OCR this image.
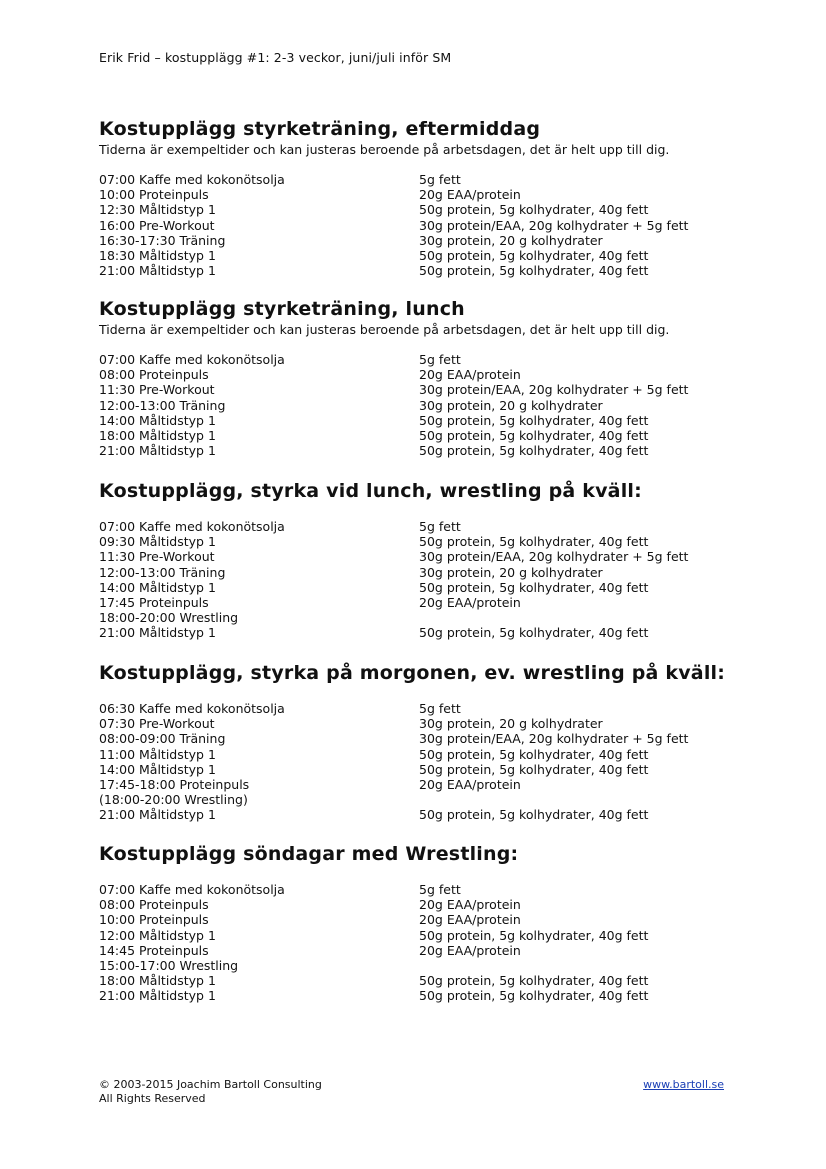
Erik Frid – kostupplägg #1: 2-3 veckor, juni/juli inför SM
Kostupplägg styrketräning, eftermiddag

Tiderna är exempeltider och kan justeras beroende på arbetsdagen, det är helt upp till dig.

07:00 Kaffe med kokonötsolja	5g fett
10:00 Proteinpuls	20g EAA/protein
12:30 Måltidstyp 1	50g protein, 5g kolhydrater, 40g fett
16:00 Pre-Workout	30g protein/EAA, 20g kolhydrater + 5g fett
16:30-17:30 Träning	30g protein, 20 g kolhydrater
18:30 Måltidstyp 1	50g protein, 5g kolhydrater, 40g fett
21:00 Måltidstyp 1	50g protein, 5g kolhydrater, 40g fett
Kostupplägg styrketräning, lunch

Tiderna är exempeltider och kan justeras beroende på arbetsdagen, det är helt upp till dig.

07:00 Kaffe med kokonötsolja	5g fett
08:00 Proteinpuls	20g EAA/protein
11:30 Pre-Workout	30g protein/EAA, 20g kolhydrater + 5g fett
12:00-13:00 Träning	30g protein, 20 g kolhydrater
14:00 Måltidstyp 1	50g protein, 5g kolhydrater, 40g fett
18:00 Måltidstyp 1	50g protein, 5g kolhydrater, 40g fett
21:00 Måltidstyp 1	50g protein, 5g kolhydrater, 40g fett
Kostupplägg, styrka vid lunch, wrestling på kväll:
07:00 Kaffe med kokonötsolja	5g fett
09:30 Måltidstyp 1	50g protein, 5g kolhydrater, 40g fett
11:30 Pre-Workout	30g protein/EAA, 20g kolhydrater + 5g fett
12:00-13:00 Träning	30g protein, 20 g kolhydrater
14:00 Måltidstyp 1	50g protein, 5g kolhydrater, 40g fett
17:45 Proteinpuls	20g EAA/protein
18:00-20:00 Wrestling
21:00 Måltidstyp 1	50g protein, 5g kolhydrater, 40g fett
Kostupplägg, styrka på morgonen, ev. wrestling på kväll:
06:30 Kaffe med kokonötsolja	5g fett
07:30 Pre-Workout	30g protein, 20 g kolhydrater
08:00-09:00 Träning	30g protein/EAA, 20g kolhydrater + 5g fett
11:00 Måltidstyp 1	50g protein, 5g kolhydrater, 40g fett
14:00 Måltidstyp 1	50g protein, 5g kolhydrater, 40g fett
17:45-18:00 Proteinpuls	20g EAA/protein
(18:00-20:00 Wrestling)
21:00 Måltidstyp 1	50g protein, 5g kolhydrater, 40g fett
Kostupplägg söndagar med Wrestling:
07:00 Kaffe med kokonötsolja	5g fett
08:00 Proteinpuls	20g EAA/protein
10:00 Proteinpuls	20g EAA/protein
12:00 Måltidstyp 1	50g protein, 5g kolhydrater, 40g fett
14:45 Proteinpuls	20g EAA/protein
15:00-17:00 Wrestling
18:00 Måltidstyp 1	50g protein, 5g kolhydrater, 40g fett
21:00 Måltidstyp 1	50g protein, 5g kolhydrater, 40g fett
© 2003-2015 Joachim Bartoll Consulting
All Rights Reserved
www.bartoll.se
